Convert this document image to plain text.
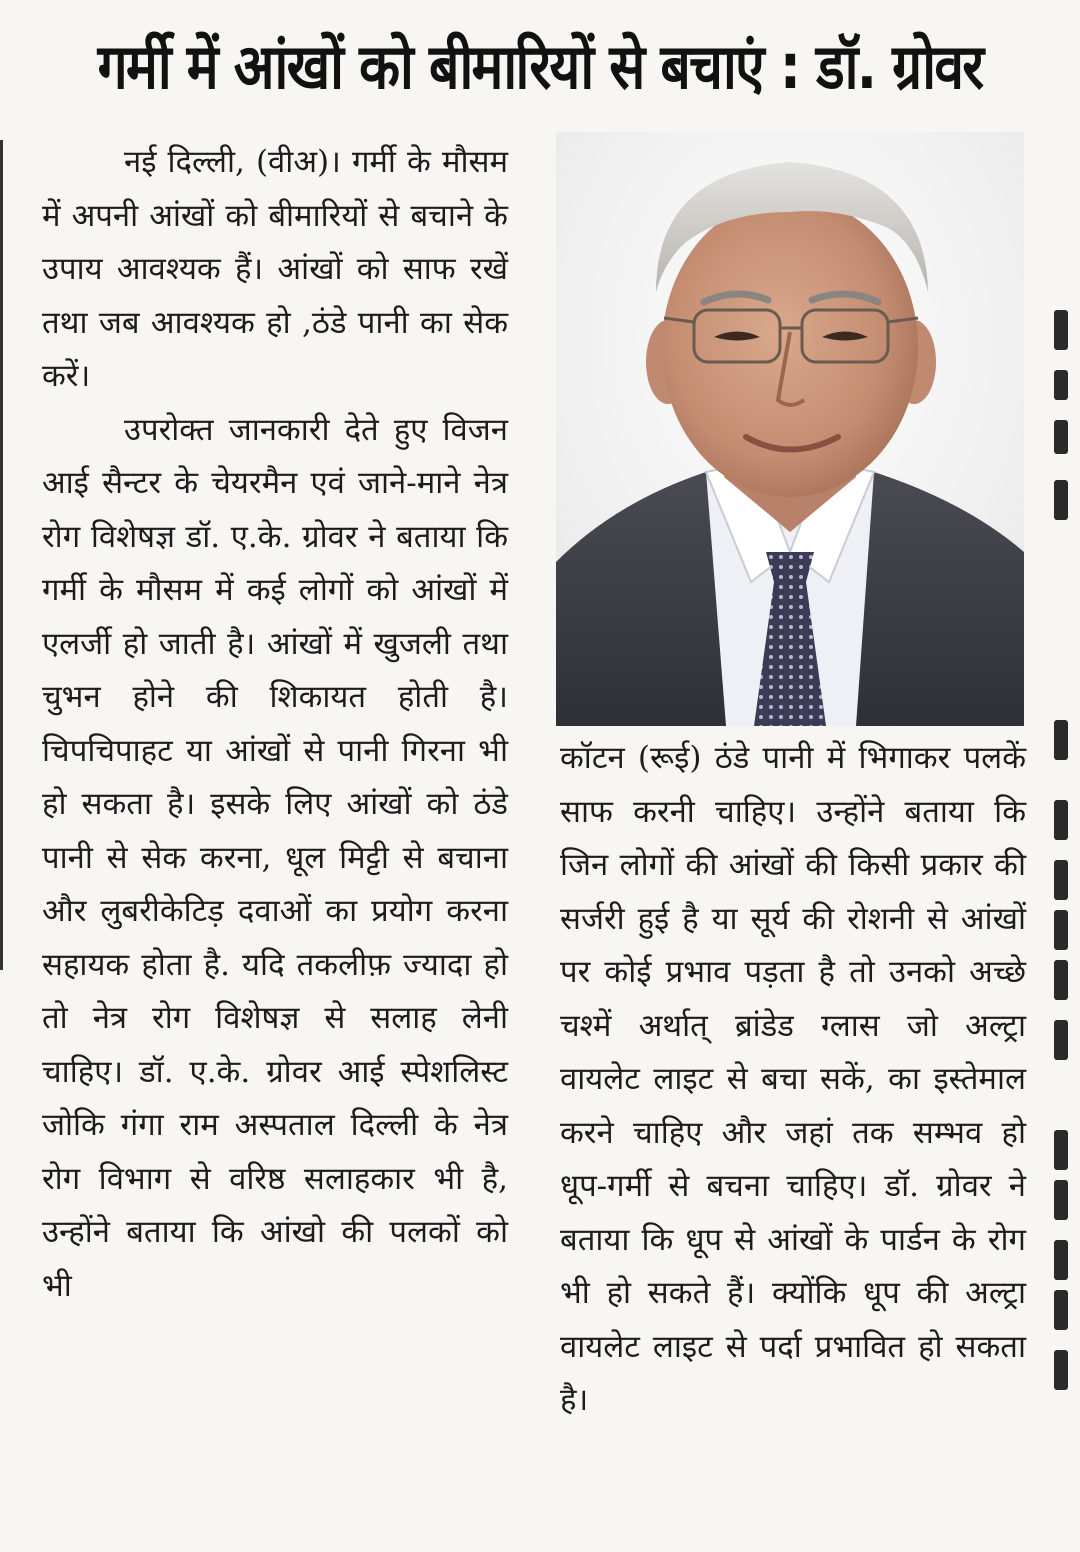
गर्मी में आंखों को बीमारियों से बचाएं : डॉ. ग्रोवर

नई दिल्ली, (वीअ)। गर्मी के मौसम में अपनी आंखों को बीमारियों से बचाने के उपाय आवश्यक हैं। आंखों को साफ रखें तथा जब आवश्यक हो ,ठंडे पानी का सेक करें।

उपरोक्त जानकारी देते हुए विजन आई सैन्टर के चेयरमैन एवं जाने-माने नेत्र रोग विशेषज्ञ डॉ. ए.के. ग्रोवर ने बताया कि गर्मी के मौसम में कई लोगों को आंखों में एलर्जी हो जाती है। आंखों में खुजली तथा चुभन होने की शिकायत होती है। चिपचिपाहट या आंखों से पानी गिरना भी हो सकता है। इसके लिए आंखों को ठंडे पानी से सेक करना, धूल मिट्टी से बचाना और लुबरीकेटिड़ दवाओं का प्रयोग करना सहायक होता है. यदि तकलीफ़ ज्यादा हो तो नेत्र रोग विशेषज्ञ से सलाह लेनी चाहिए। डॉ. ए.के. ग्रोवर आई स्पेशलिस्ट जोकि गंगा राम अस्पताल दिल्ली के नेत्र रोग विभाग से वरिष्ठ सलाहकार भी है, उन्होंने बताया कि आंखो की पलकों को भी

कॉटन (रूई) ठंडे पानी में भिगाकर पलकें साफ करनी चाहिए। उन्होंने बताया कि जिन लोगों की आंखों की किसी प्रकार की सर्जरी हुई है या सूर्य की रोशनी से आंखों पर कोई प्रभाव पड़ता है तो उनको अच्छे चश्में अर्थात् ब्रांडेड ग्लास जो अल्ट्रा वायलेट लाइट से बचा सकें, का इस्तेमाल करने चाहिए और जहां तक सम्भव हो धूप-गर्मी से बचना चाहिए। डॉ. ग्रोवर ने बताया कि धूप से आंखों के पार्डन के रोग भी हो सकते हैं। क्योंकि धूप की अल्ट्रा वायलेट लाइट से पर्दा प्रभावित हो सकता है।
